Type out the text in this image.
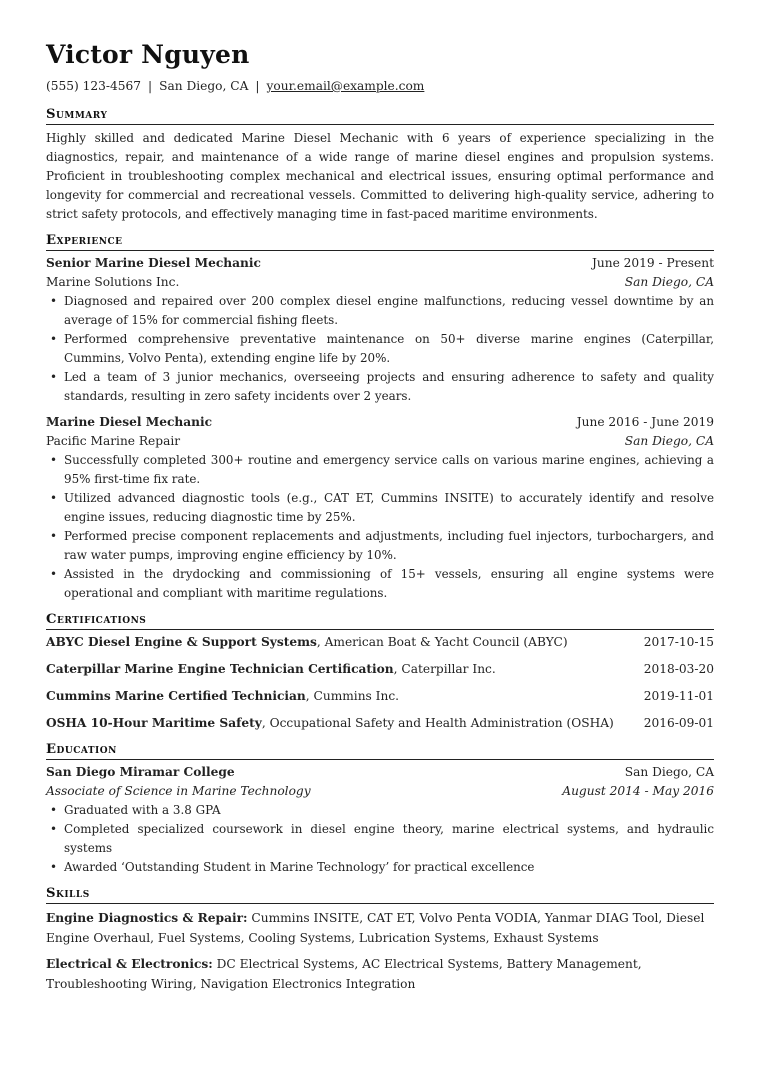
Victor Nguyen
(555) 123-4567 | San Diego, CA | your.email@example.com
Summary
Highly skilled and dedicated Marine Diesel Mechanic with 6 years of experience specializing in the diagnostics, repair, and maintenance of a wide range of marine diesel engines and propulsion systems. Proficient in troubleshooting complex mechanical and electrical issues, ensuring optimal performance and longevity for commercial and recreational vessels. Committed to delivering high-quality service, adhering to strict safety protocols, and effectively managing time in fast-paced maritime environments.
Experience
Senior Marine Diesel Mechanic	June 2019 - Present
Marine Solutions Inc.	San Diego, CA
• Diagnosed and repaired over 200 complex diesel engine malfunctions, reducing vessel downtime by an average of 15% for commercial fishing fleets.
• Performed comprehensive preventative maintenance on 50+ diverse marine engines (Caterpillar, Cummins, Volvo Penta), extending engine life by 20%.
• Led a team of 3 junior mechanics, overseeing projects and ensuring adherence to safety and quality standards, resulting in zero safety incidents over 2 years.
Marine Diesel Mechanic	June 2016 - June 2019
Pacific Marine Repair	San Diego, CA
• Successfully completed 300+ routine and emergency service calls on various marine engines, achieving a 95% first-time fix rate.
• Utilized advanced diagnostic tools (e.g., CAT ET, Cummins INSITE) to accurately identify and resolve engine issues, reducing diagnostic time by 25%.
• Performed precise component replacements and adjustments, including fuel injectors, turbochargers, and raw water pumps, improving engine efficiency by 10%.
• Assisted in the drydocking and commissioning of 15+ vessels, ensuring all engine systems were operational and compliant with maritime regulations.
Certifications
ABYC Diesel Engine & Support Systems, American Boat & Yacht Council (ABYC)	2017-10-15
Caterpillar Marine Engine Technician Certification, Caterpillar Inc.	2018-03-20
Cummins Marine Certified Technician, Cummins Inc.	2019-11-01
OSHA 10-Hour Maritime Safety, Occupational Safety and Health Administration (OSHA) 2016-09-01
Education
San Diego Miramar College	San Diego, CA
Associate of Science in Marine Technology	August 2014 - May 2016
• Graduated with a 3.8 GPA
• Completed specialized coursework in diesel engine theory, marine electrical systems, and hydraulic systems
• Awarded ‘Outstanding Student in Marine Technology’ for practical excellence
Skills
Engine Diagnostics & Repair: Cummins INSITE, CAT ET, Volvo Penta VODIA, Yanmar DIAG Tool, Diesel Engine Overhaul, Fuel Systems, Cooling Systems, Lubrication Systems, Exhaust Systems
Electrical & Electronics: DC Electrical Systems, AC Electrical Systems, Battery Management, Troubleshooting Wiring, Navigation Electronics Integration
